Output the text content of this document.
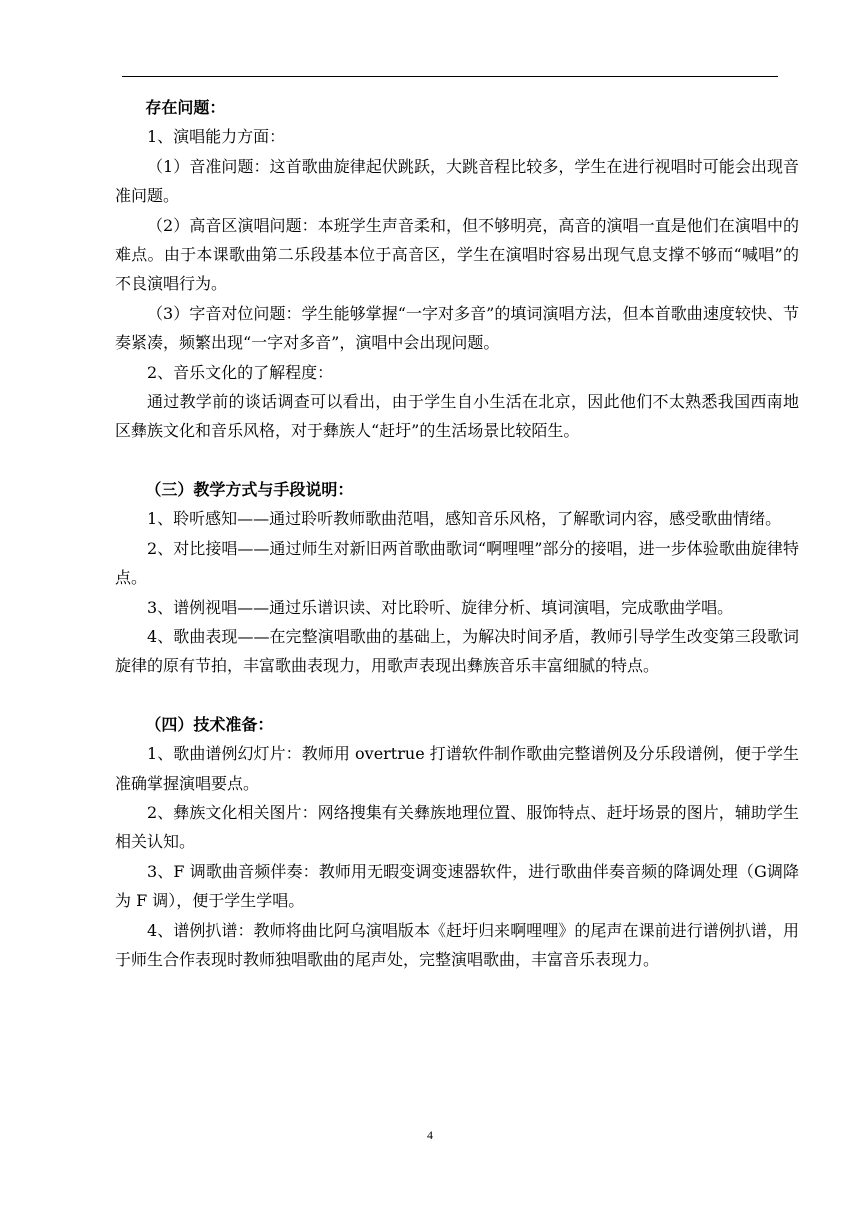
存在问题：

1、演唱能力方面：

（1）音准问题：这首歌曲旋律起伏跳跃，大跳音程比较多，学生在进行视唱时可能会出现音准问题。

（2）高音区演唱问题：本班学生声音柔和，但不够明亮，高音的演唱一直是他们在演唱中的难点。由于本课歌曲第二乐段基本位于高音区，学生在演唱时容易出现气息支撑不够而“喊唱”的不良演唱行为。

（3）字音对位问题：学生能够掌握“一字对多音”的填词演唱方法，但本首歌曲速度较快、节奏紧凑，频繁出现“一字对多音”，演唱中会出现问题。

2、音乐文化的了解程度：

通过教学前的谈话调查可以看出，由于学生自小生活在北京，因此他们不太熟悉我国西南地区彝族文化和音乐风格，对于彝族人“赶圩”的生活场景比较陌生。

（三）教学方式与手段说明：

1、聆听感知——通过聆听教师歌曲范唱，感知音乐风格，了解歌词内容，感受歌曲情绪。

2、对比接唱——通过师生对新旧两首歌曲歌词“啊哩哩”部分的接唱，进一步体验歌曲旋律特点。

3、谱例视唱——通过乐谱识读、对比聆听、旋律分析、填词演唱，完成歌曲学唱。

4、歌曲表现——在完整演唱歌曲的基础上，为解决时间矛盾，教师引导学生改变第三段歌词旋律的原有节拍，丰富歌曲表现力，用歌声表现出彝族音乐丰富细腻的特点。

（四）技术准备：

1、歌曲谱例幻灯片：教师用 overtrue 打谱软件制作歌曲完整谱例及分乐段谱例，便于学生准确掌握演唱要点。

2、彝族文化相关图片：网络搜集有关彝族地理位置、服饰特点、赶圩场景的图片，辅助学生相关认知。

3、F 调歌曲音频伴奏：教师用无暇变调变速器软件，进行歌曲伴奏音频的降调处理（G调降为 F 调），便于学生学唱。

4、谱例扒谱：教师将曲比阿乌演唱版本《赶圩归来啊哩哩》的尾声在课前进行谱例扒谱，用于师生合作表现时教师独唱歌曲的尾声处，完整演唱歌曲，丰富音乐表现力。

4
